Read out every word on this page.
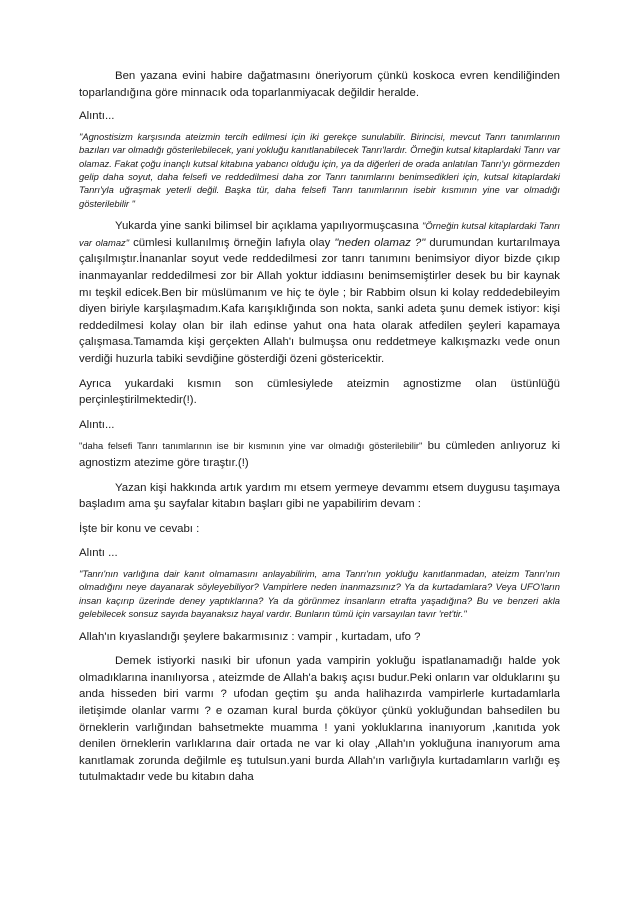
Ben yazana evini habire dağatmasını öneriyorum çünkü koskoca evren kendiliğinden toparlandığına göre minnacık oda toparlanmiyacak değildir heralde.

Alıntı...

"Agnostisizm karşısında ateizmin tercih edilmesi için iki gerekçe sunulabilir. Birincisi, mevcut Tanrı tanımlarının bazıları var olmadığı gösterilebilecek, yani yokluğu kanıtlanabilecek Tanrı'lardır. Örneğin kutsal kitaplardaki Tanrı var olamaz. Fakat çoğu inançlı kutsal kitabına yabancı olduğu için, ya da diğerleri de orada anlatılan Tanrı'yı görmezden gelip daha soyut, daha felsefi ve reddedilmesi daha zor Tanrı tanımlarını benimsedikleri için, kutsal kitaplardaki Tanrı'yla uğraşmak yeterli değil. Başka tür, daha felsefi Tanrı tanımlarının isebir kısmının yine var olmadığı gösterilebilir "

Yukarda yine sanki bilimsel bir açıklama yapılıyormuşcasına "Örneğin kutsal kitaplardaki Tanrı var olamaz" cümlesi kullanılmış örneğin lafıyla olay "neden olamaz ?" durumundan kurtarılmaya çalışılmıştır.İnananlar soyut vede reddedilmesi zor tanrı tanımını benimsiyor diyor bizde çıkıp inanmayanlar reddedilmesi zor bir Allah yoktur iddiasını benimsemiştirler desek bu bir kaynak mı teşkil edicek.Ben bir müslümanım ve hiç te öyle ; bir Rabbim olsun ki kolay reddedebileyim diyen biriyle karşılaşmadım.Kafa karışıklığında son nokta, sanki adeta şunu demek istiyor: kişi reddedilmesi kolay olan bir ilah edinse yahut ona hata olarak atfedilen şeyleri kapamaya çalışmasa.Tamamda kişi gerçekten Allah'ı bulmuşsa onu reddetmeye kalkışmazkı vede onun verdiği huzurla tabiki sevdiğine gösterdiği özeni göstericektir.

Ayrıca yukardaki kısmın son cümlesiylede ateizmin agnostizme olan üstünlüğü perçinleştirilmektedir(!).

Alıntı...

"daha felsefi Tanrı tanımlarının ise bir kısmının yine var olmadığı gösterilebilir" bu cümleden anlıyoruz ki agnostizm atezime göre tıraştır.(!)

Yazan kişi hakkında artık yardım mı etsem yermeye devammı etsem duygusu taşımaya başladım ama şu sayfalar kitabın başları gibi ne yapabilirim devam :

İşte bir konu ve cevabı :

Alıntı ...

"Tanrı'nın varlığına dair kanıt olmamasını anlayabilirim, ama Tanrı'nın yokluğu kanıtlanmadan, ateizm Tanrı'nın olmadığını neye dayanarak söyleyebiliyor? Vampirlere neden inanmazsınız? Ya da kurtadamlara? Veya UFO'ların insan kaçırıp üzerinde deney yaptıklarına? Ya da görünmez insanların etrafta yaşadığına? Bu ve benzeri akla gelebilecek sonsuz sayıda bayanaksız hayal vardır. Bunların tümü için varsayılan tavır 'ret'tir."

Allah'ın kıyaslandığı şeylere bakarmısınız : vampir , kurtadam, ufo ?

Demek istiyorki nasıki bir ufonun yada vampirin yokluğu ispatlanamadığı halde yok olmadıklarına inanılıyorsa , ateizmde de Allah'a bakış açısı budur.Peki onların var olduklarını şu anda hisseden biri varmı ? ufodan geçtim şu anda halihazırda vampirlerle kurtadamlarla iletişimde olanlar varmı ? e ozaman kural burda çöküyor çünkü yokluğundan bahsedilen bu örneklerin varlığından bahsetmekte muamma ! yani yokluklarına inanıyorum ,kanıtıda yok denilen örneklerin varlıklarına dair ortada ne var ki olay ,Allah'ın yokluğuna inanıyorum ama kanıtlamak zorunda değilmle eş tutulsun.yani burda Allah'ın varlığıyla kurtadamların varlığı eş tutulmaktadır vede bu kitabın daha
